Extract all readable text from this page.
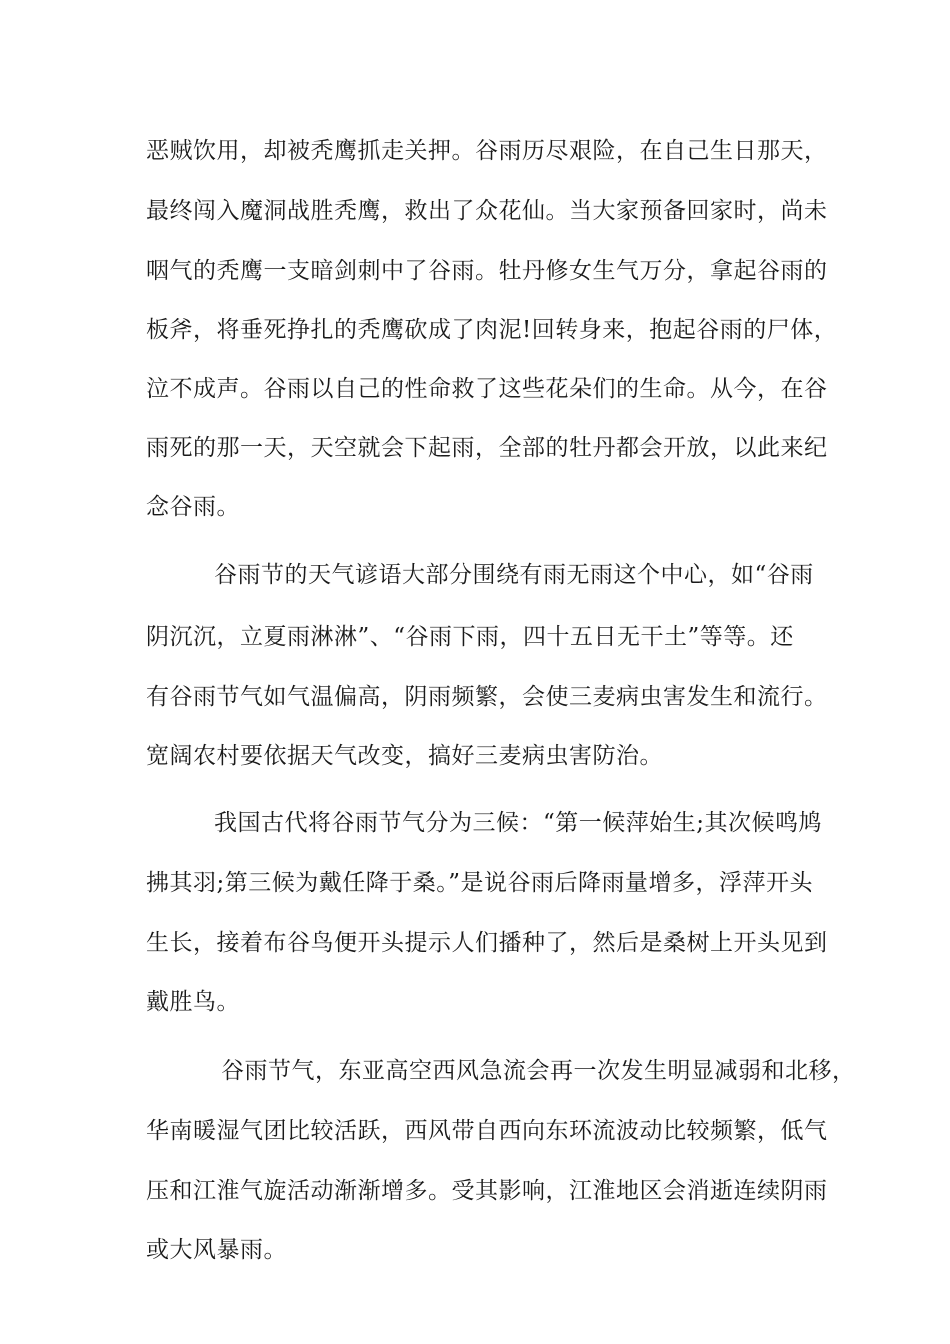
恶贼饮用，却被秃鹰抓走关押。谷雨历尽艰险，在自己生日那天，
最终闯入魔洞战胜秃鹰，救出了众花仙。当大家预备回家时，尚未
咽气的秃鹰一支暗剑刺中了谷雨。牡丹修女生气万分，拿起谷雨的
板斧，将垂死挣扎的秃鹰砍成了肉泥!回转身来，抱起谷雨的尸体，
泣不成声。谷雨以自己的性命救了这些花朵们的生命。从今，在谷
雨死的那一天，天空就会下起雨，全部的牡丹都会开放，以此来纪
念谷雨。
谷雨节的天气谚语大部分围绕有雨无雨这个中心，如“谷雨
阴沉沉，立夏雨淋淋”、“谷雨下雨，四十五日无干土”等等。还
有谷雨节气如气温偏高，阴雨频繁，会使三麦病虫害发生和流行。
宽阔农村要依据天气改变，搞好三麦病虫害防治。
我国古代将谷雨节气分为三候：“第一候萍始生;其次候鸣鸠
拂其羽;第三候为戴任降于桑。”是说谷雨后降雨量增多，浮萍开头
生长，接着布谷鸟便开头提示人们播种了，然后是桑树上开头见到
戴胜鸟。
谷雨节气，东亚高空西风急流会再一次发生明显减弱和北移，
华南暖湿气团比较活跃，西风带自西向东环流波动比较频繁，低气
压和江淮气旋活动渐渐增多。受其影响，江淮地区会消逝连续阴雨
或大风暴雨。
